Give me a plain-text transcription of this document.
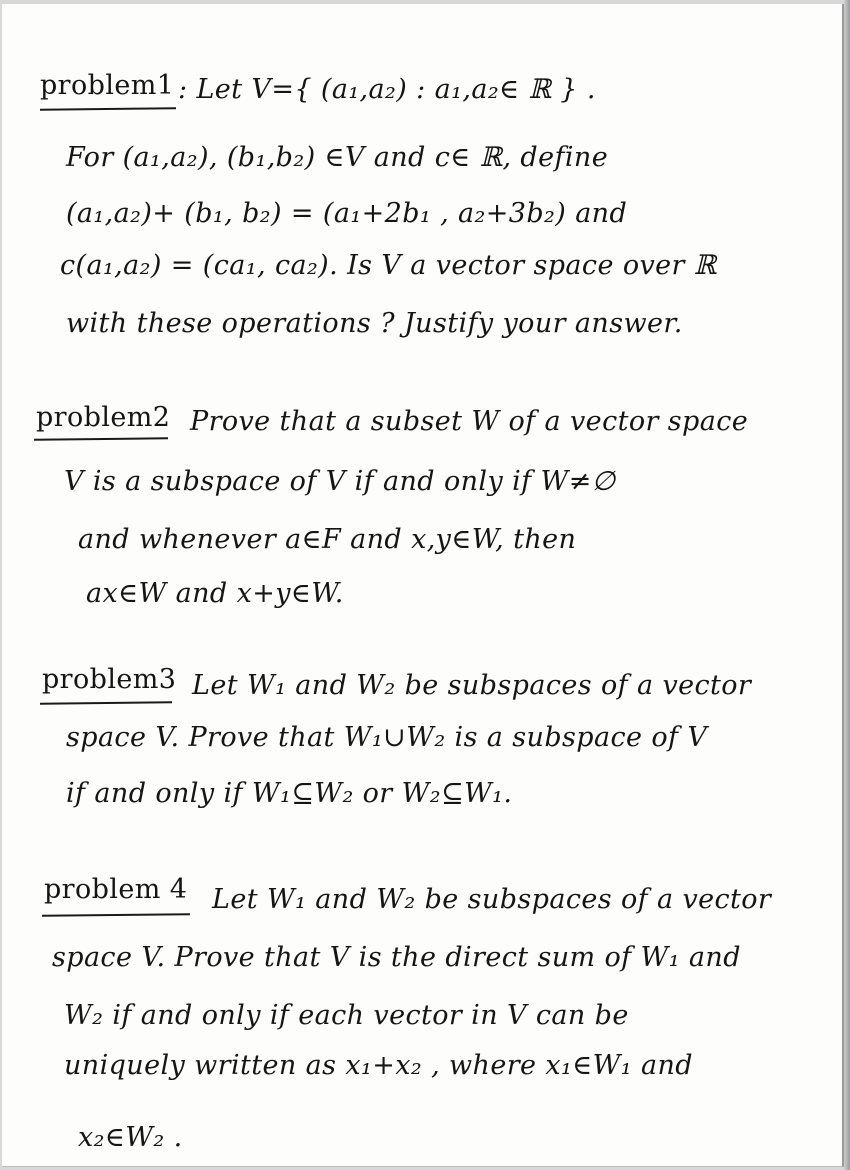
problem1 : Let V={ (a₁,a₂) : a₁,a₂∈ ℝ } .
For (a₁,a₂), (b₁,b₂) ∈V and c∈ ℝ, define
(a₁,a₂)+ (b₁, b₂) = (a₁+2b₁ , a₂+3b₂) and
c(a₁,a₂) = (ca₁, ca₂). Is V a vector space over ℝ
with these operations ? Justify your answer.
problem2 Prove that a subset W of a vector space
V is a subspace of V if and only if W≠∅
and whenever a∈F and x,y∈W, then
ax∈W and x+y∈W.
problem3 Let W₁ and W₂ be subspaces of a vector
space V. Prove that W₁∪W₂ is a subspace of V
if and only if W₁⊆W₂ or W₂⊆W₁.
problem 4 Let W₁ and W₂ be subspaces of a vector
space V. Prove that V is the direct sum of W₁ and
W₂ if and only if each vector in V can be
uniquely written as x₁+x₂ , where x₁∈W₁ and
x₂∈W₂ .
